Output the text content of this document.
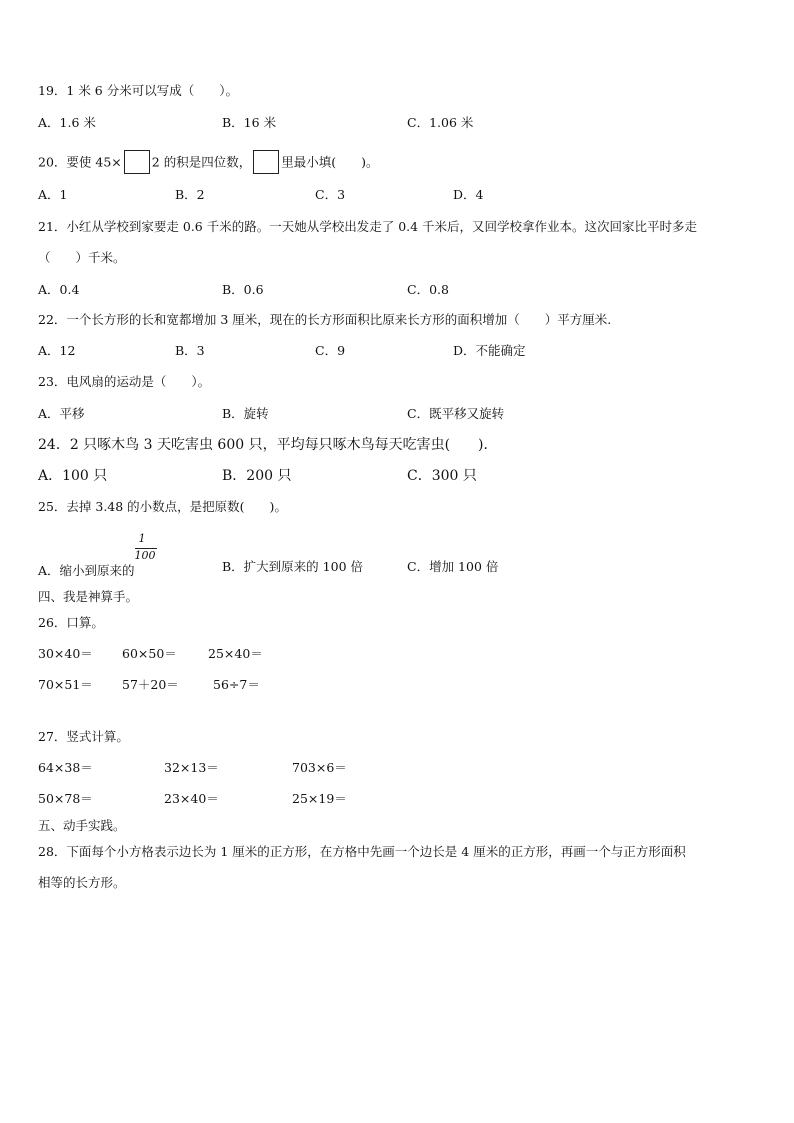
19．1 米 6 分米可以写成（　　）。
A．1.6 米	B．16 米	C．1.06 米
20．要使 45× 2 的积是四位数， 里最小填(　　)。
A．1	B．2	C．3	D．4
21．小红从学校到家要走 0.6 千米的路。一天她从学校出发走了 0.4 千米后，又回学校拿作业本。这次回家比平时多走
（　　）千米。
A．0.4	B．0.6	C．0.8
22．一个长方形的长和宽都增加 3 厘米，现在的长方形面积比原来长方形的面积增加（　　）平方厘米.
A．12	B．3	C．9	D．不能确定
23．电风扇的运动是（　　）。
A．平移	B．旋转	C．既平移又旋转
24．2 只啄木鸟 3 天吃害虫 600 只，平均每只啄木鸟每天吃害虫(　　)．
A．100 只	B．200 只	C．300 只
25．去掉 3.48 的小数点，是把原数(　　)。
A．缩小到原来的 $\frac{1}{100}$	B．扩大到原来的 100 倍	C．增加 100 倍
四、我是神算手。
26．口算。
30×40＝ 60×50＝ 25×40＝
70×51＝ 57＋20＝	56÷7＝
27．竖式计算。
64×38＝	32×13＝	703×6＝
50×78＝	23×40＝	25×19＝
五、动手实践。
28．下面每个小方格表示边长为 1 厘米的正方形，在方格中先画一个边长是 4 厘米的正方形，再画一个与正方形面积
相等的长方形。
